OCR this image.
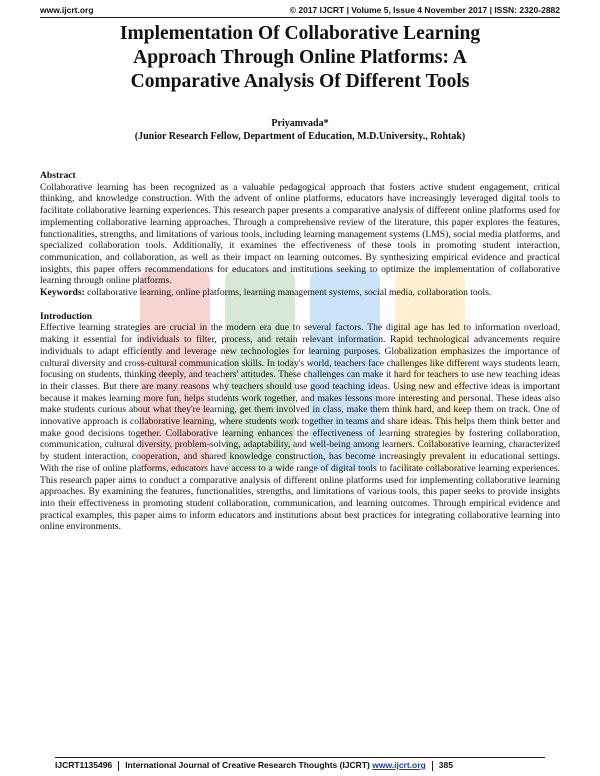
www.ijcrt.org	© 2017 IJCRT | Volume 5, Issue 4 November 2017 | ISSN: 2320-2882
Implementation Of Collaborative Learning
Approach Through Online Platforms: A
Comparative Analysis Of Different Tools
Priyamvada*
(Junior Research Fellow, Department of Education, M.D.University., Rohtak)

Abstract

Collaborative learning has been recognized as a valuable pedagogical approach that fosters active student engagement, critical thinking, and knowledge construction. With the advent of online platforms, educators have increasingly leveraged digital tools to facilitate collaborative learning experiences. This research paper presents a comparative analysis of different online platforms used for implementing collaborative learning approaches. Through a comprehensive review of the literature, this paper explores the features, functionalities, strengths, and limitations of various tools, including learning management systems (LMS), social media platforms, and specialized collaboration tools. Additionally, it examines the effectiveness of these tools in promoting student interaction, communication, and collaboration, as well as their impact on learning outcomes. By synthesizing empirical evidence and practical insights, this paper offers recommendations for educators and institutions seeking to optimize the implementation of collaborative learning through online platforms.

Keywords: collaborative learning, online platforms, learning management systems, social media, collaboration tools.

Introduction

Effective learning strategies are crucial in the modern era due to several factors. The digital age has led to information overload, making it essential for individuals to filter, process, and retain relevant information. Rapid technological advancements require individuals to adapt efficiently and leverage new technologies for learning purposes. Globalization emphasizes the importance of cultural diversity and cross-cultural communication skills. In today's world, teachers face challenges like different ways students learn, focusing on students, thinking deeply, and teachers' attitudes. These challenges can make it hard for teachers to use new teaching ideas in their classes. But there are many reasons why teachers should use good teaching ideas. Using new and effective ideas is important because it makes learning more fun, helps students work together, and makes lessons more interesting and personal. These ideas also make students curious about what they're learning, get them involved in class, make them think hard, and keep them on track. One of innovative approach is collaborative learning, where students work together in teams and share ideas. This helps them think better and make good decisions together. Collaborative learning enhances the effectiveness of learning strategies by fostering collaboration, communication, cultural diversity, problem-solving, adaptability, and well-being among learners. Collaborative learning, characterized by student interaction, cooperation, and shared knowledge construction, has become increasingly prevalent in educational settings. With the rise of online platforms, educators have access to a wide range of digital tools to facilitate collaborative learning experiences. This research paper aims to conduct a comparative analysis of different online platforms used for implementing collaborative learning approaches. By examining the features, functionalities, strengths, and limitations of various tools, this paper seeks to provide insights into their effectiveness in promoting student collaboration, communication, and learning outcomes. Through empirical evidence and practical examples, this paper aims to inform educators and institutions about best practices for integrating collaborative learning into online environments.

IJCRT1135496 International Journal of Creative Research Thoughts (IJCRT) www.ijcrt.org 385
